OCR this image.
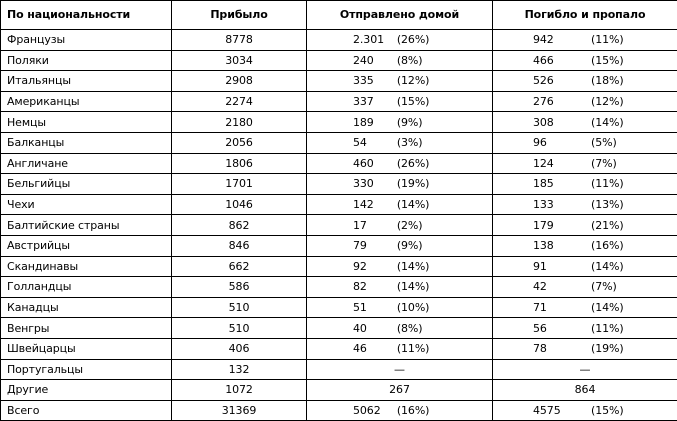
По национальности	Прибыло	Отправлено домой	Погибло и пропало
Французы	8778	2.301 (26%)	942 (11%)

Поляки	3034	240 (8%)	466 (15%)

Итальянцы	2908	335 (12%)	526 (18%)

Американцы	2274	337 (15%)	276 (12%)

Немцы	2180	189 (9%)	308 (14%)

Балканцы	2056	54 (3%)	96 (5%)

Англичане	1806	460 (26%)	124 (7%)

Бельгийцы	1701	330 (19%)	185 (11%)

Чехи	1046	142 (14%)	133 (13%)

Балтийские страны	862	17 (2%)	179 (21%)

Австрийцы	846	79 (9%)	138 (16%)

Скандинавы	662	92 (14%)	91 (14%)

Голландцы	586	82 (14%)	42 (7%)

Канадцы	510	51 (10%)	71 (14%)

Венгры	510	40 (8%)	56 (11%)

Швейцарцы	406	46 (11%)	78 (19%)

Португальцы	132	—	—
Другие	1072	267	864
Всего	31369	5062 (16%)	4575 (15%)
